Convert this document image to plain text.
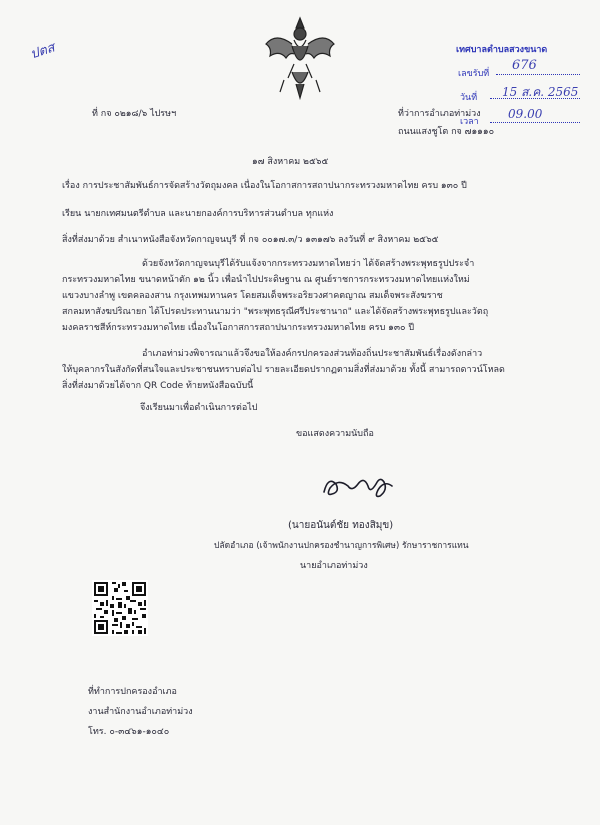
ปตส
ที่ กจ ๐๒๑๘/๖ ไปรษฯ	ที่ว่าการอำเภอท่าม่วง
ถนนแสงชูโต กจ ๗๑๑๑๐
เทศบาลตำบลสวงขนาด
เลขรับที่
676
วันที่ 15 ส.ค. 2565
เวลา
09.00
๑๗ สิงหาคม ๒๕๖๕
เรื่อง การประชาสัมพันธ์การจัดสร้างวัตถุมงคล เนื่องในโอกาสการสถาปนากระทรวงมหาดไทย ครบ ๑๓๐ ปี
เรียน นายกเทศมนตรีตำบล และนายกองค์การบริหารส่วนตำบล ทุกแห่ง
สิ่งที่ส่งมาด้วย สำเนาหนังสือจังหวัดกาญจนบุรี ที่ กจ ๐๐๑๗.๓/ว ๑๓๑๗๖ ลงวันที่ ๙ สิงหาคม ๒๕๖๕
ด้วยจังหวัดกาญจนบุรีได้รับแจ้งจากกระทรวงมหาดไทยว่า ได้จัดสร้างพระพุทธรูปประจำ
กระทรวงมหาดไทย ขนาดหน้าตัก ๑๒ นิ้ว เพื่อนำไปประดิษฐาน ณ ศูนย์ราชการกระทรวงมหาดไทยแห่งใหม่
แขวงบางลำพู เขตคลองสาน กรุงเทพมหานคร โดยสมเด็จพระอริยวงศาคตญาณ สมเด็จพระสังฆราช
สกลมหาสังฆปริณายก ได้โปรดประทานนามว่า "พระพุทธรุณีศรีประชานาถ" และได้จัดสร้างพระพุทธรูปและวัตถุ
มงคลราชสีห์กระทรวงมหาดไทย เนื่องในโอกาสการสถาปนากระทรวงมหาดไทย ครบ ๑๓๐ ปี
อำเภอท่าม่วงพิจารณาแล้วจึงขอให้องค์กรปกครองส่วนท้องถิ่นประชาสัมพันธ์เรื่องดังกล่าว
ให้บุคลากรในสังกัดที่สนใจและประชาชนทราบต่อไป รายละเอียดปรากฏตามสิ่งที่ส่งมาด้วย ทั้งนี้ สามารถดาวน์โหลด
สิ่งที่ส่งมาด้วยได้จาก QR Code ท้ายหนังสือฉบับนี้
จึงเรียนมาเพื่อดำเนินการต่อไป
ขอแสดงความนับถือ
(นายอนันต์ชัย ทองสิมุข)
ปลัดอำเภอ (เจ้าพนักงานปกครองชำนาญการพิเศษ) รักษาราชการแทน
นายอำเภอท่าม่วง
ที่ทำการปกครองอำเภอ
งานสำนักงานอำเภอท่าม่วง
โทร. ๐-๓๔๖๑-๑๐๔๐
